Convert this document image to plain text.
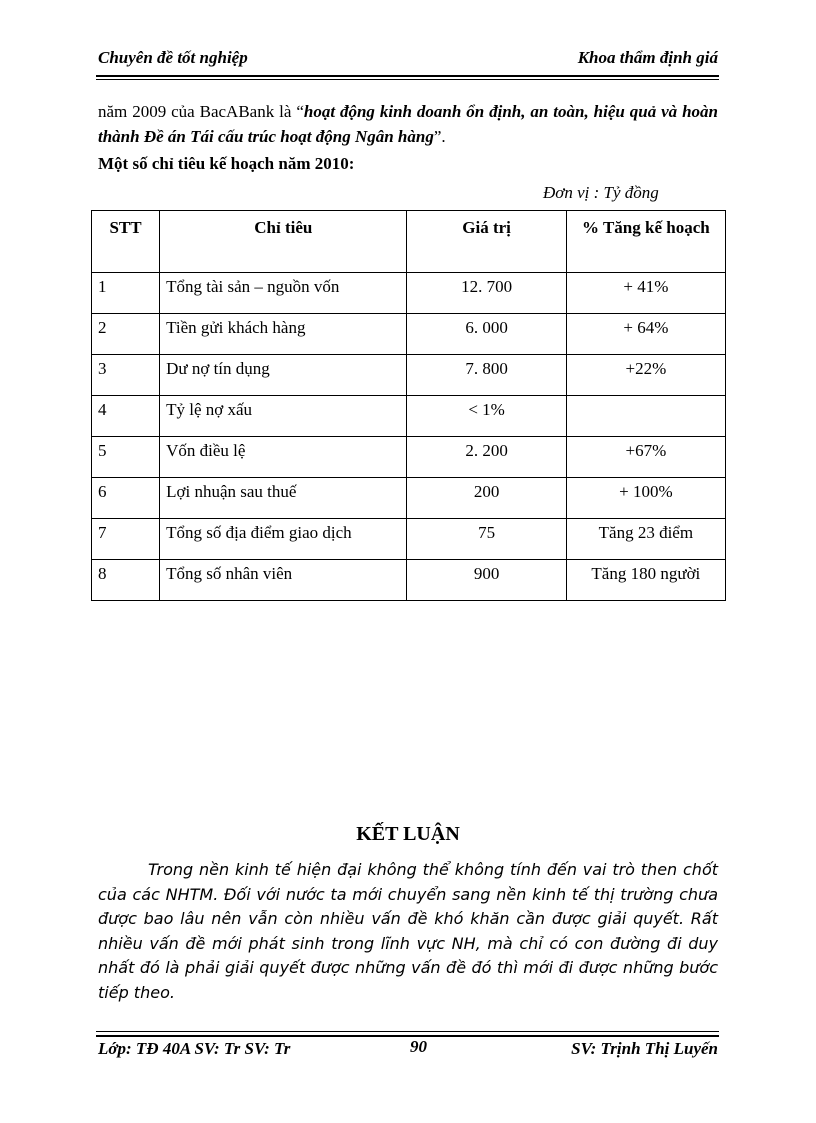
Chuyên đề tốt nghiệp	Khoa thẩm định giá

năm 2009 của BacABank là “hoạt động kinh doanh ổn định, an toàn, hiệu quả và hoàn thành Đề án Tái cấu trúc hoạt động Ngân hàng”.

Một số chỉ tiêu kế hoạch năm 2010:
Đơn vị : Tỷ đồng
STT	Chỉ tiêu	Giá trị	% Tăng kế hoạch
1	Tổng tài sản – nguồn vốn	12. 700	+ 41%
2	Tiền gửi khách hàng	6. 000	+ 64%
3	Dư nợ tín dụng	7. 800	+22%
4	Tỷ lệ nợ xấu	< 1%	
5	Vốn điều lệ	2. 200	+67%
6	Lợi nhuận sau thuế	200	+ 100%
7	Tổng số địa điểm giao dịch	75	Tăng 23 điểm
8	Tổng số nhân viên	900	Tăng 180 người
KẾT LUẬN

Trong nền kinh tế hiện đại không thể không tính đến vai trò then chốt của các NHTM. Đối với nước ta mới chuyển sang nền kinh tế thị trường chưa được bao lâu nên vẫn còn nhiều vấn đề khó khăn cần được giải quyết. Rất nhiều vấn đề mới phát sinh trong lĩnh vực NH, mà chỉ có con đường đi duy nhất đó là phải giải quyết được những vấn đề đó thì mới đi được những bước tiếp theo.

Lớp: TĐ 40A SV: Tr SV: Tr	90	SV: Trịnh Thị Luyến
